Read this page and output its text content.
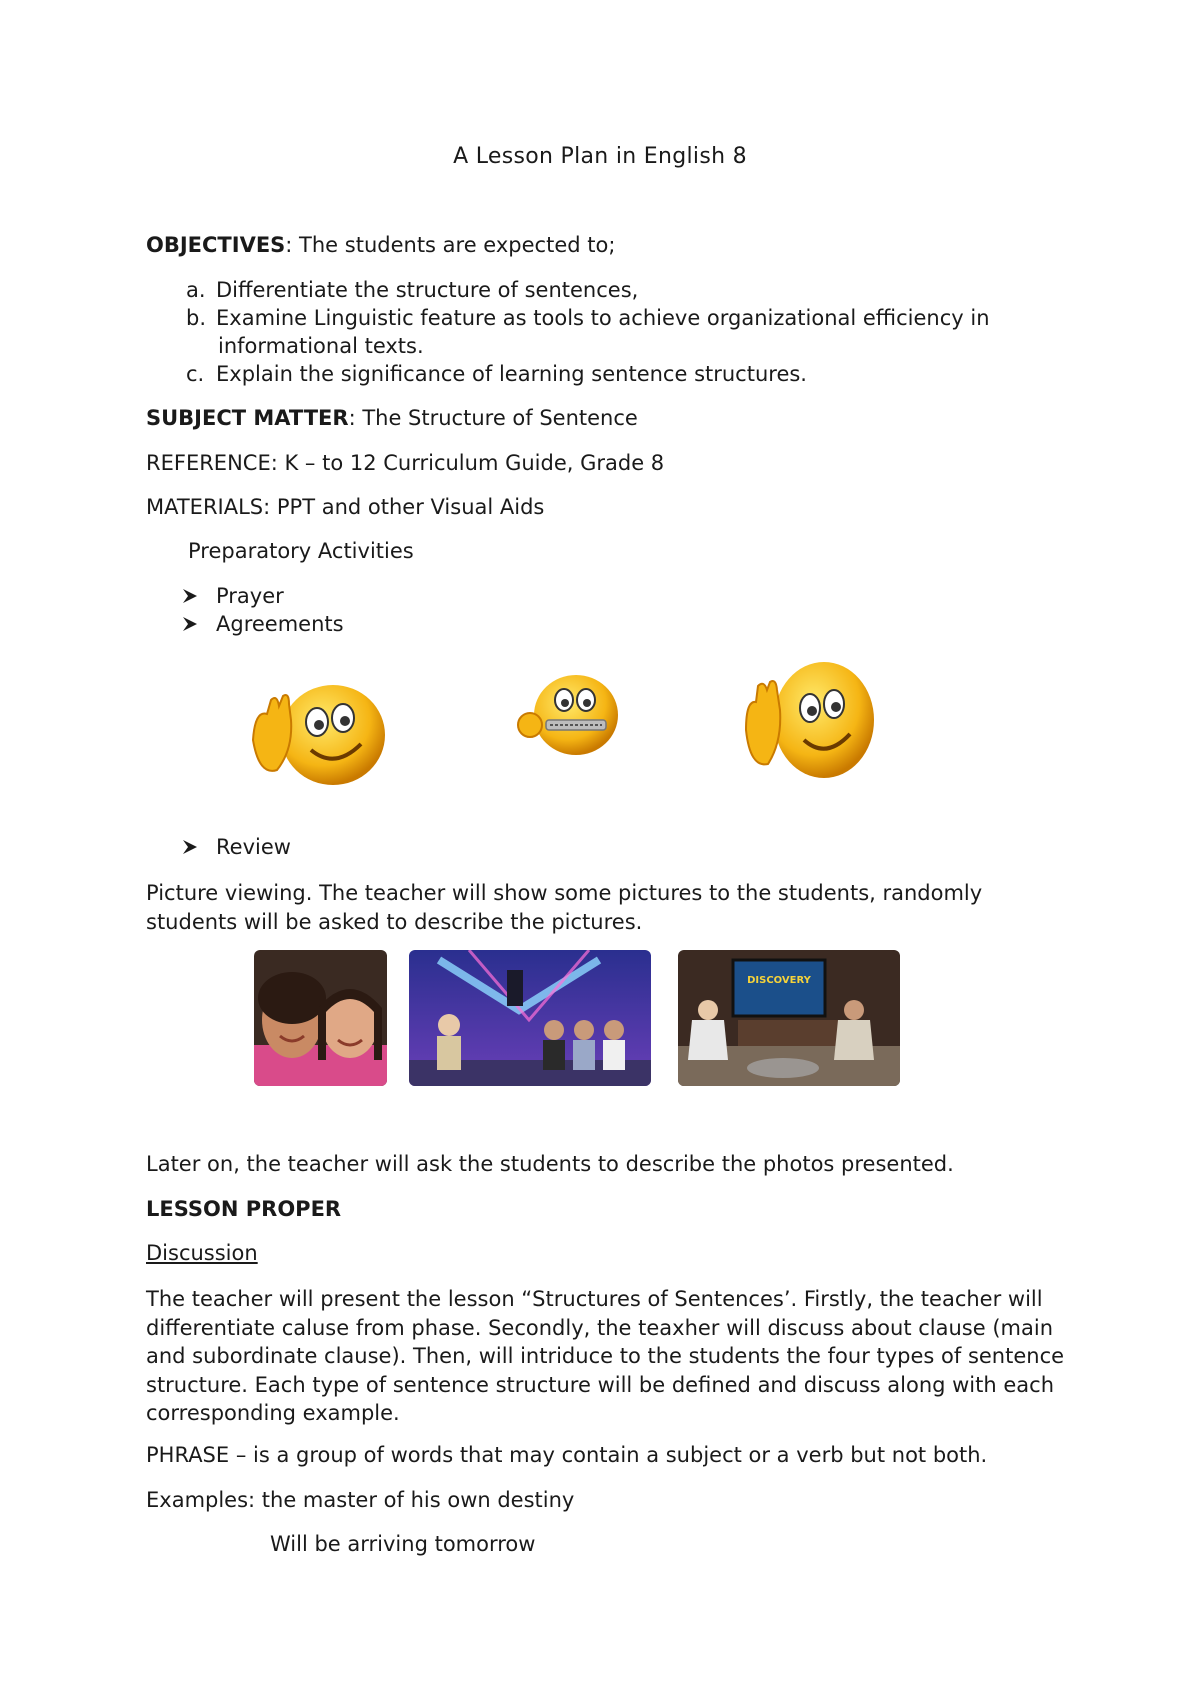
A Lesson Plan in English 8
OBJECTIVES: The students are expected to;
a. Differentiate the structure of sentences,
b. Examine Linguistic feature as tools to achieve organizational efficiency in
informational texts.
c. Explain the significance of learning sentence structures.
SUBJECT MATTER: The Structure of Sentence
REFERENCE: K – to 12 Curriculum Guide, Grade 8
MATERIALS: PPT and other Visual Aids
Preparatory Activities
Prayer
Agreements
Review
Picture viewing. The teacher will show some pictures to the students, randomly students will be asked to describe the pictures.
DISCOVERY
Later on, the teacher will ask the students to describe the photos presented.
LESSON PROPER
Discussion
The teacher will present the lesson “Structures of Sentences’. Firstly, the teacher will differentiate caluse from phase. Secondly, the teaxher will discuss about clause (main and subordinate clause). Then, will intriduce to the students the four types of sentence structure. Each type of sentence structure will be defined and discuss along with each corresponding example.
PHRASE – is a group of words that may contain a subject or a verb but not both.
Examples: the master of his own destiny
Will be arriving tomorrow
